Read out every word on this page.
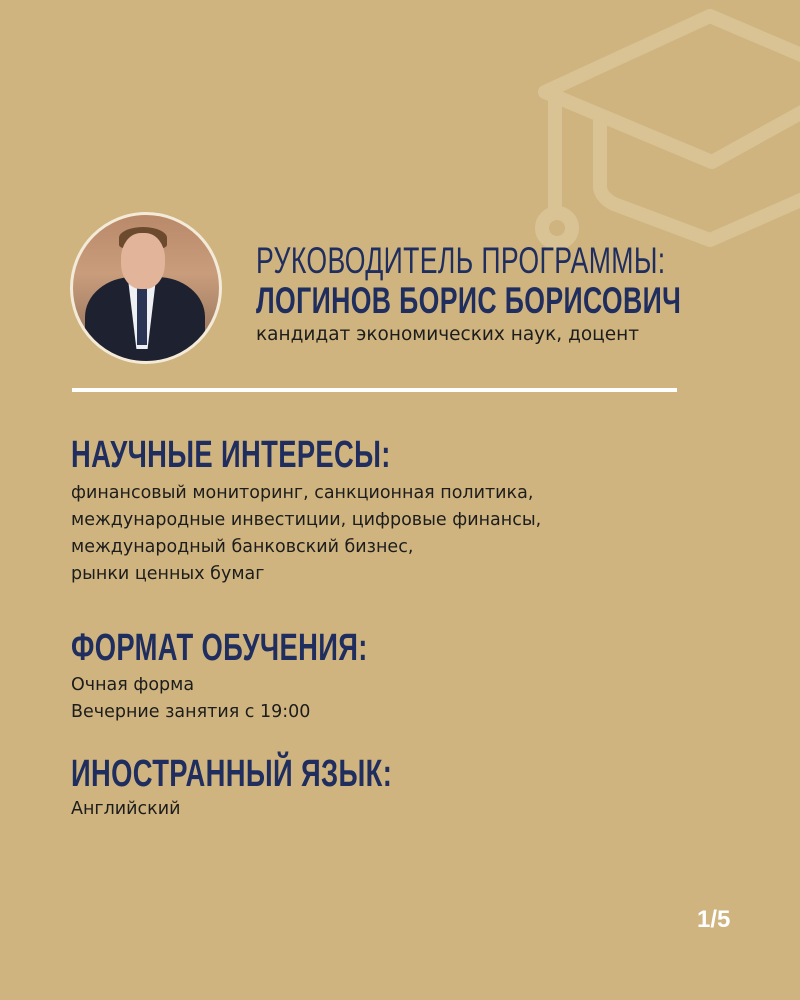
РУКОВОДИТЕЛЬ ПРОГРАММЫ:
ЛОГИНОВ БОРИС БОРИСОВИЧ
кандидат экономических наук, доцент
НАУЧНЫЕ ИНТЕРЕСЫ:
финансовый мониторинг, санкционная политика,
международные инвестиции, цифровые финансы,
международный банковский бизнес,
рынки ценных бумаг
ФОРМАТ ОБУЧЕНИЯ:
Очная форма
Вечерние занятия с 19:00
ИНОСТРАННЫЙ ЯЗЫК:
Английский
1/5
